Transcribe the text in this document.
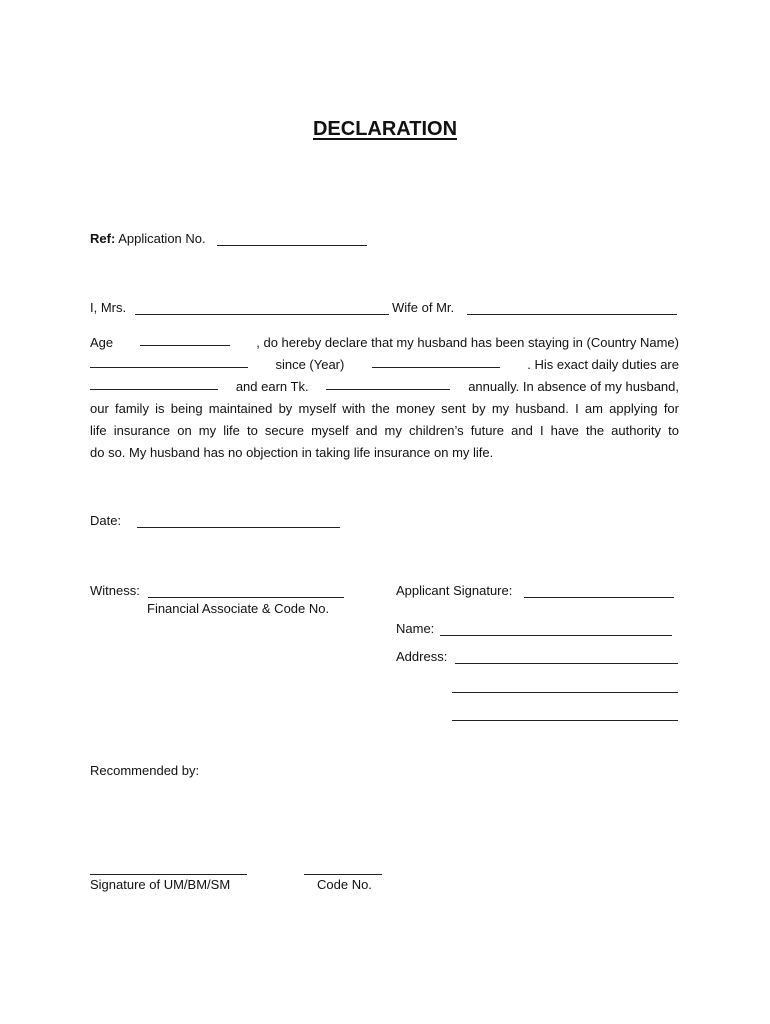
DECLARATION
Ref: Application No.
I, Mrs.	Wife of Mr.
Age	, do hereby declare that my husband has been staying in (Country Name)
since (Year)	. His exact daily duties are
and earn Tk.	annually. In absence of my husband,
our family is being maintained by myself with the money sent by my husband. I am applying for
life insurance on my life to secure myself and my children’s future and I have the authority to
do so. My husband has no objection in taking life insurance on my life.
Date:
Witness:
Financial Associate & Code No.
Applicant Signature:
Name:
Address:
Recommended by:
Signature of UM/BM/SM	Code No.
